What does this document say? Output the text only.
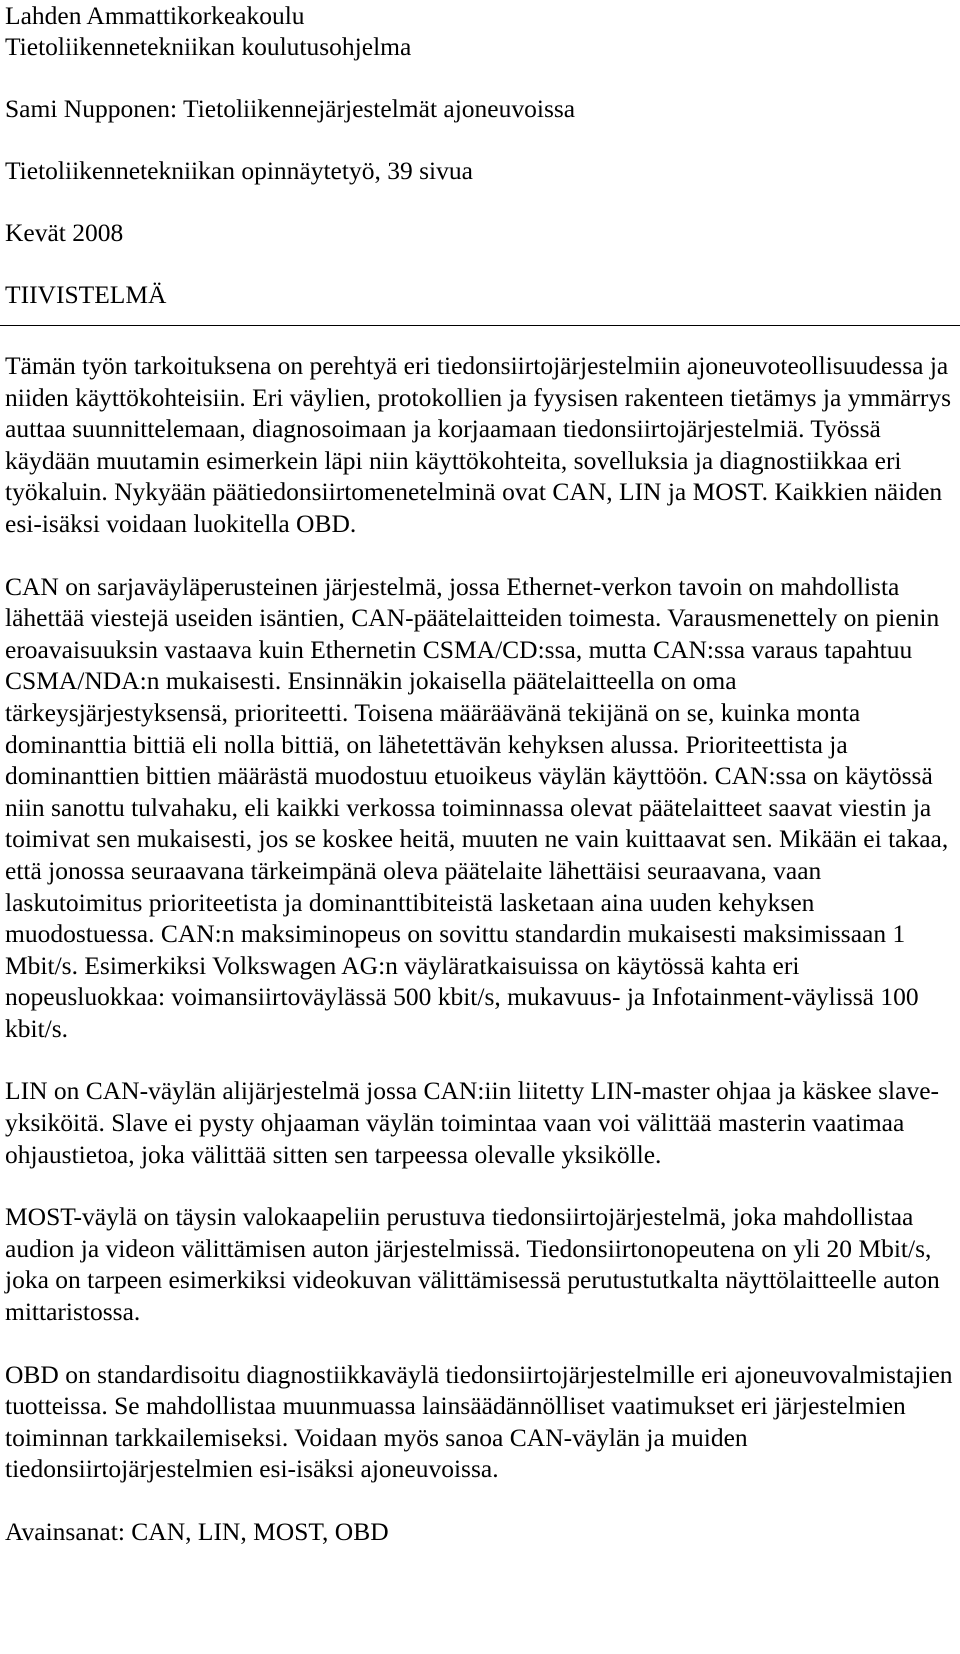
Lahden Ammattikorkeakoulu
Tietoliikennetekniikan koulutusohjelma
Sami Nupponen: Tietoliikennejärjestelmät ajoneuvoissa
Tietoliikennetekniikan opinnäytetyö, 39 sivua
Kevät 2008
TIIVISTELMÄ

Tämän työn tarkoituksena on perehtyä eri tiedonsiirtojärjestelmiin ajoneuvoteollisuudessa ja niiden käyttökohteisiin. Eri väylien, protokollien ja fyysisen rakenteen tietämys ja ymmärrys auttaa suunnittelemaan, diagnosoimaan ja korjaamaan tiedonsiirtojärjestelmiä. Työssä käydään muutamin esimerkein läpi niin käyttökohteita, sovelluksia ja diagnostiikkaa eri työkaluin. Nykyään päätiedonsiirtomenetelminä ovat CAN, LIN ja MOST. Kaikkien näiden esi-isäksi voidaan luokitella OBD.

CAN on sarjaväyläperusteinen järjestelmä, jossa Ethernet-verkon tavoin on mahdollista lähettää viestejä useiden isäntien, CAN-päätelaitteiden toimesta. Varausmenettely on pienin eroavaisuuksin vastaava kuin Ethernetin CSMA/CD:ssa, mutta CAN:ssa varaus tapahtuu CSMA/NDA:n mukaisesti. Ensinnäkin jokaisella päätelaitteella on oma tärkeysjärjestyksensä, prioriteetti. Toisena määräävänä tekijänä on se, kuinka monta dominanttia bittiä eli nolla bittiä, on lähetettävän kehyksen alussa. Prioriteettista ja dominanttien bittien määrästä muodostuu etuoikeus väylän käyttöön. CAN:ssa on käytössä niin sanottu tulvahaku, eli kaikki verkossa toiminnassa olevat päätelaitteet saavat viestin ja toimivat sen mukaisesti, jos se koskee heitä, muuten ne vain kuittaavat sen. Mikään ei takaa, että jonossa seuraavana tärkeimpänä oleva päätelaite lähettäisi seuraavana, vaan laskutoimitus prioriteetista ja dominanttibiteistä lasketaan aina uuden kehyksen muodostuessa. CAN:n maksiminopeus on sovittu standardin mukaisesti maksimissaan 1 Mbit/s. Esimerkiksi Volkswagen AG:n väyläratkaisuissa on käytössä kahta eri nopeusluokkaa: voimansiirtoväylässä 500 kbit/s, mukavuus- ja Infotainment-väylissä 100 kbit/s.

LIN on CAN-väylän alijärjestelmä jossa CAN:iin liitetty LIN-master ohjaa ja käskee slave-yksiköitä. Slave ei pysty ohjaaman väylän toimintaa vaan voi välittää masterin vaatimaa ohjaustietoa, joka välittää sitten sen tarpeessa olevalle yksikölle.

MOST-väylä on täysin valokaapeliin perustuva tiedonsiirtojärjestelmä, joka mahdollistaa audion ja videon välittämisen auton järjestelmissä. Tiedonsiirtonopeutena on yli 20 Mbit/s, joka on tarpeen esimerkiksi videokuvan välittämisessä perutustutkalta näyttölaitteelle auton mittaristossa.

OBD on standardisoitu diagnostiikkaväylä tiedonsiirtojärjestelmille eri ajoneuvovalmistajien tuotteissa. Se mahdollistaa muunmuassa lainsäädännölliset vaatimukset eri järjestelmien toiminnan tarkkailemiseksi. Voidaan myös sanoa CAN-väylän ja muiden tiedonsiirtojärjestelmien esi-isäksi ajoneuvoissa.

Avainsanat: CAN, LIN, MOST, OBD
